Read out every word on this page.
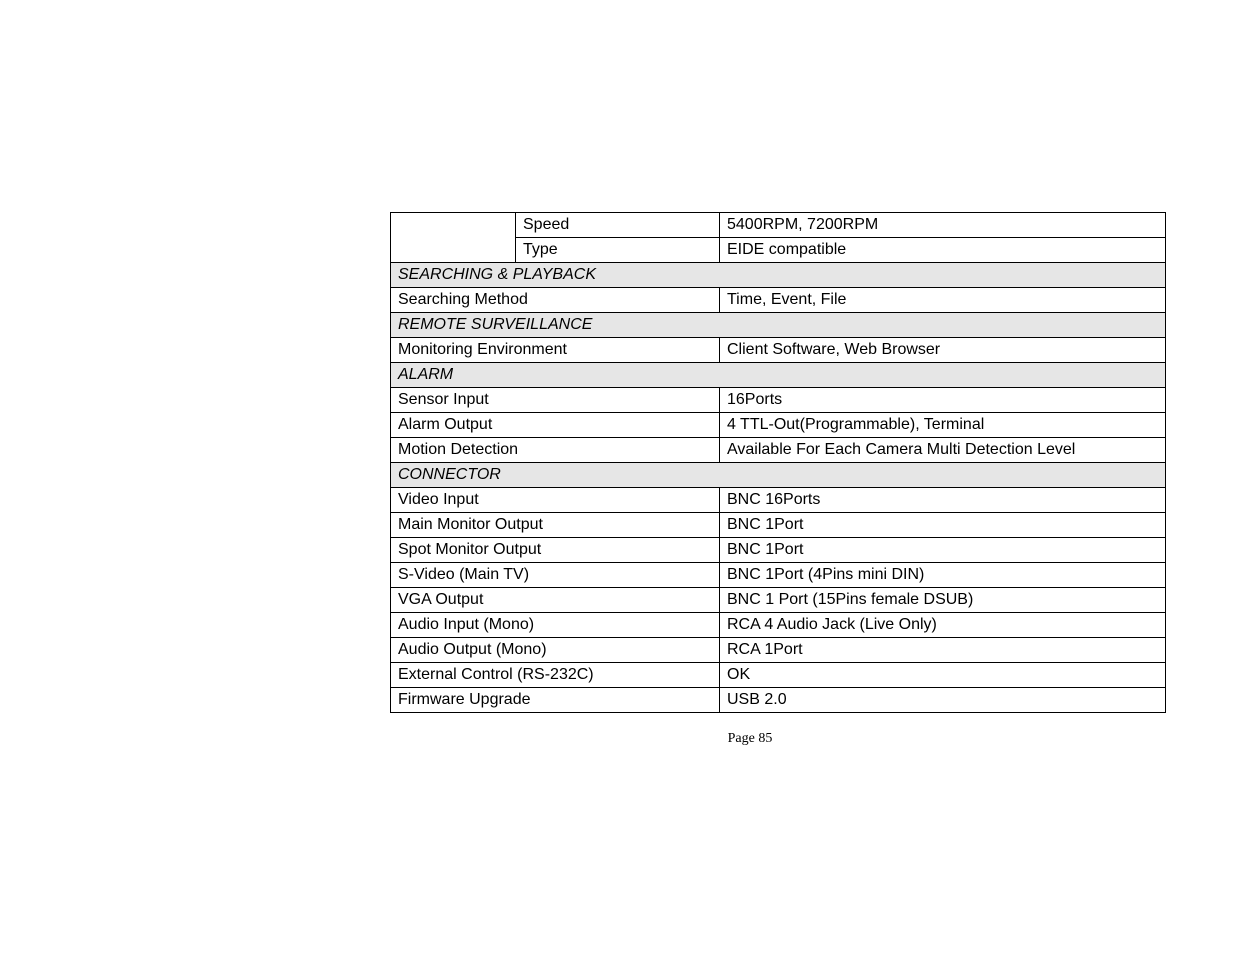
	Speed	5400RPM, 7200RPM
	Type	EIDE compatible
SEARCHING & PLAYBACK		
Searching Method		Time, Event, File
REMOTE SURVEILLANCE		
Monitoring Environment		Client Software, Web Browser
ALARM		
Sensor Input		16Ports
Alarm Output		4 TTL-Out(Programmable), Terminal
Motion Detection		Available For Each Camera Multi Detection Level
CONNECTOR		
Video Input		BNC 16Ports
Main Monitor Output		BNC 1Port
Spot Monitor Output		BNC 1Port
S-Video (Main TV)		BNC 1Port (4Pins mini DIN)
VGA Output		BNC 1 Port (15Pins female DSUB)
Audio Input (Mono)		RCA 4 Audio Jack (Live Only)
Audio Output (Mono)		RCA 1Port
External Control (RS-232C)		OK
Firmware Upgrade		USB 2.0
Page 85
